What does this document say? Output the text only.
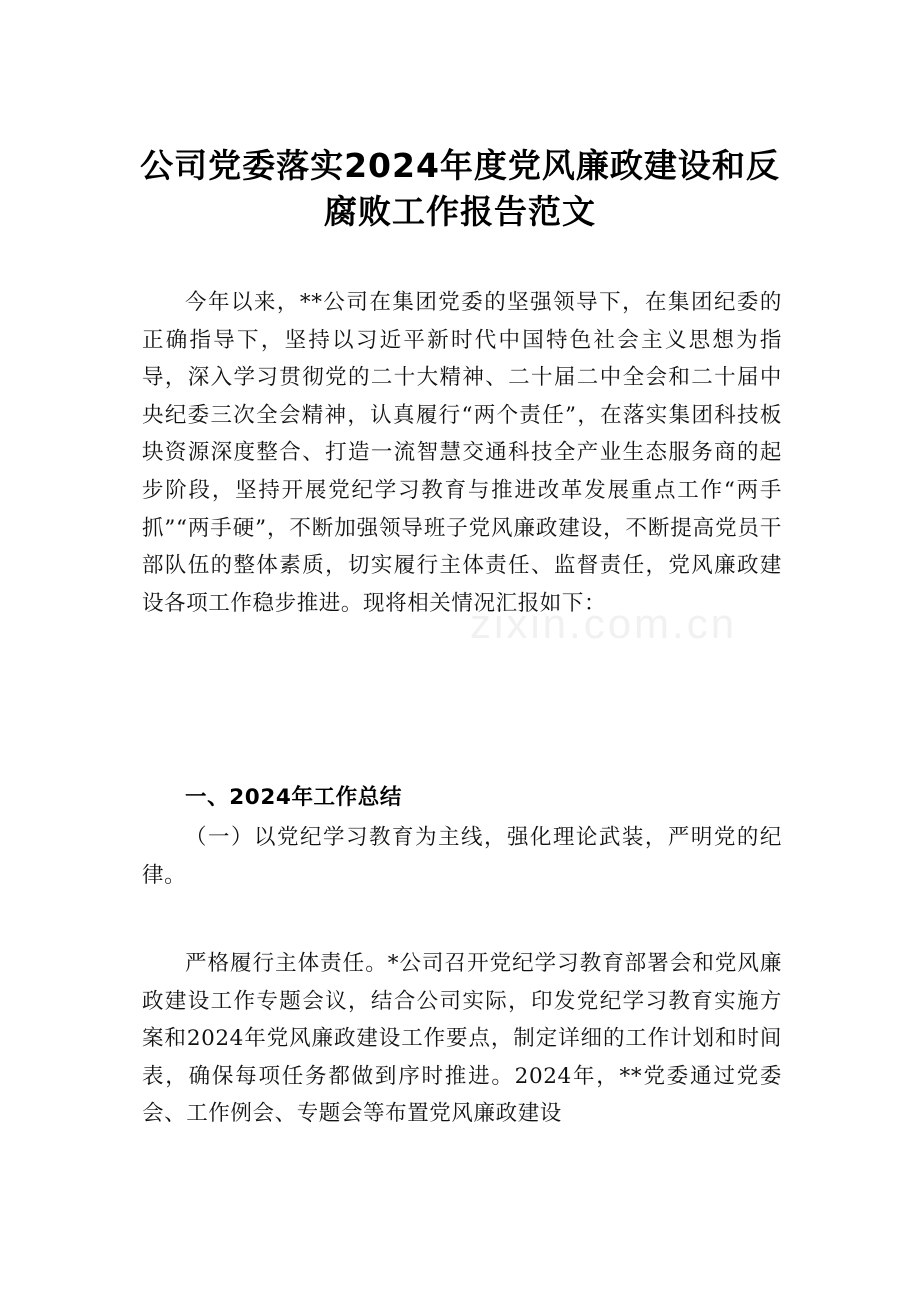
zixin.com.cn
公司党委落实2024年度党风廉政建设和反
腐败工作报告范文

今年以来，**公司在集团党委的坚强领导下，在集团纪委的正确指导下，坚持以习近平新时代中国特色社会主义思想为指导，深入学习贯彻党的二十大精神、二十届二中全会和二十届中央纪委三次全会精神，认真履行“两个责任”，在落实集团科技板块资源深度整合、打造一流智慧交通科技全产业生态服务商的起步阶段，坚持开展党纪学习教育与推进改革发展重点工作“两手抓”“两手硬”，不断加强领导班子党风廉政建设，不断提高党员干部队伍的整体素质，切实履行主体责任、监督责任，党风廉政建设各项工作稳步推进。现将相关情况汇报如下：

一、2024年工作总结

（一）以党纪学习教育为主线，强化理论武装，严明党的纪律。

严格履行主体责任。*公司召开党纪学习教育部署会和党风廉政建设工作专题会议，结合公司实际，印发党纪学习教育实施方案和2024年党风廉政建设工作要点，制定详细的工作计划和时间表，确保每项任务都做到序时推进。2024年，**党委通过党委会、工作例会、专题会等布置党风廉政建设
